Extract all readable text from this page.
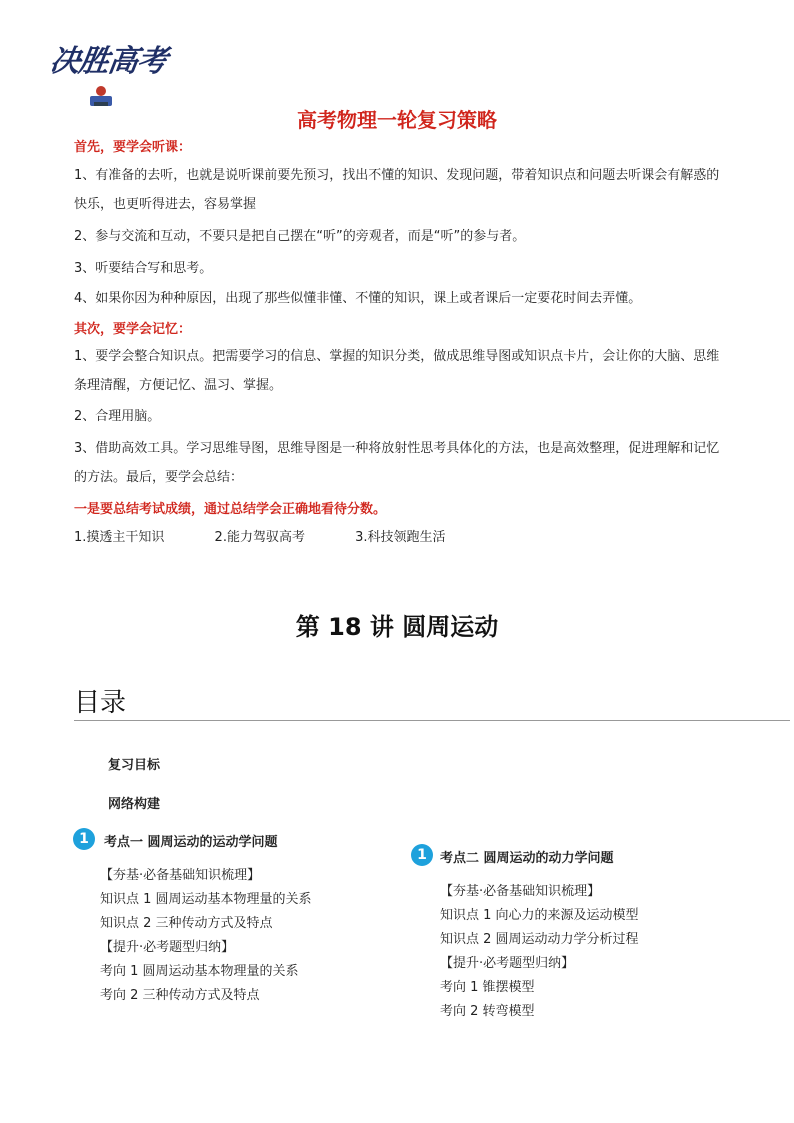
决胜高考
高考物理一轮复习策略
首先，要学会听课：
1、有准备的去听，也就是说听课前要先预习，找出不懂的知识、发现问题，带着知识点和问题去听课会有解惑的快乐，也更听得进去，容易掌握
2、参与交流和互动，不要只是把自己摆在“听”的旁观者，而是“听”的参与者。
3、听要结合写和思考。
4、如果你因为种种原因，出现了那些似懂非懂、不懂的知识，课上或者课后一定要花时间去弄懂。
其次，要学会记忆：
1、要学会整合知识点。把需要学习的信息、掌握的知识分类，做成思维导图或知识点卡片，会让你的大脑、思维条理清醒，方便记忆、温习、掌握。
2、合理用脑。
3、借助高效工具。学习思维导图，思维导图是一种将放射性思考具体化的方法，也是高效整理，促进理解和记忆的方法。最后，要学会总结：
一是要总结考试成绩，通过总结学会正确地看待分数。
1.摸透主干知识	2.能力驾驭高考	3.科技领跑生活
第 18 讲 圆周运动
目录
复习目标
网络构建
1	考点一 圆周运动的运动学问题
【夯基·必备基础知识梳理】
知识点 1 圆周运动基本物理量的关系
知识点 2 三种传动方式及特点
【提升·必考题型归纳】
考向 1 圆周运动基本物理量的关系
考向 2 三种传动方式及特点
1	考点二 圆周运动的动力学问题
【夯基·必备基础知识梳理】
知识点 1 向心力的来源及运动模型
知识点 2 圆周运动动力学分析过程
【提升·必考题型归纳】
考向 1 锥摆模型
考向 2 转弯模型
